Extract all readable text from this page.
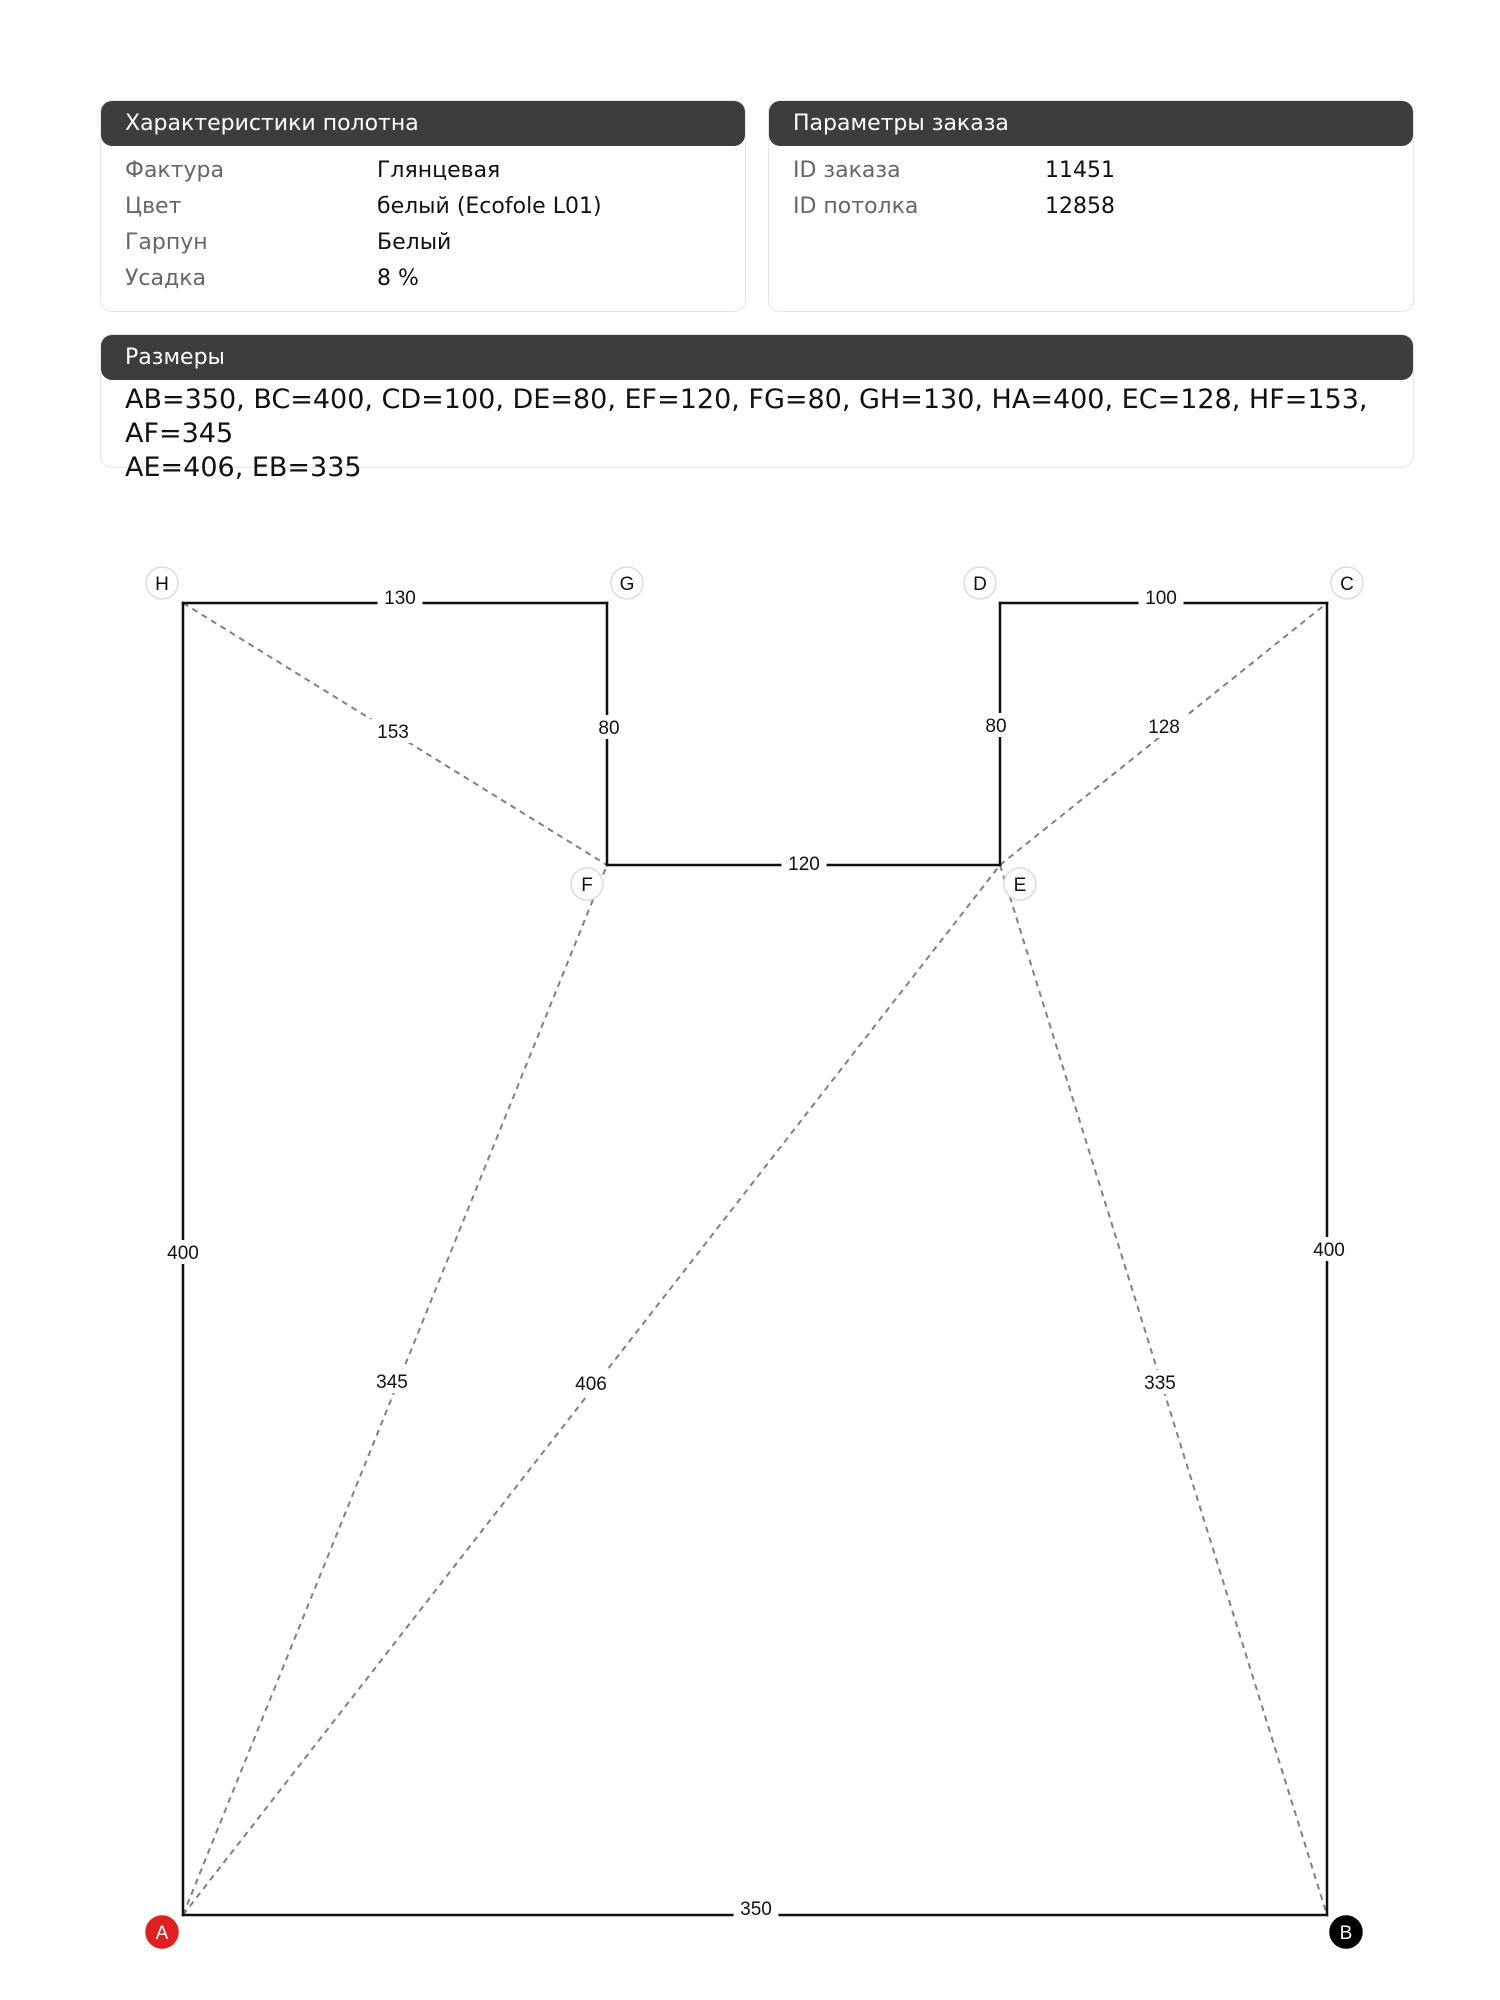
Характеристики полотна
Фактура	Глянцевая
Цвет	белый (Ecofole L01)
Гарпун	Белый
Усадка	8 %
Параметры заказа
ID заказа	11451
ID потолка	12858
Размеры
AB=350, BC=400, CD=100, DE=80, EF=120, FG=80, GH=130, HA=400, EC=128, HF=153, AF=345
AE=406, EB=335
128
153
345	406	335
350
400
100
80
120
80
130
400
A	B
C
D
E
F
G
H
